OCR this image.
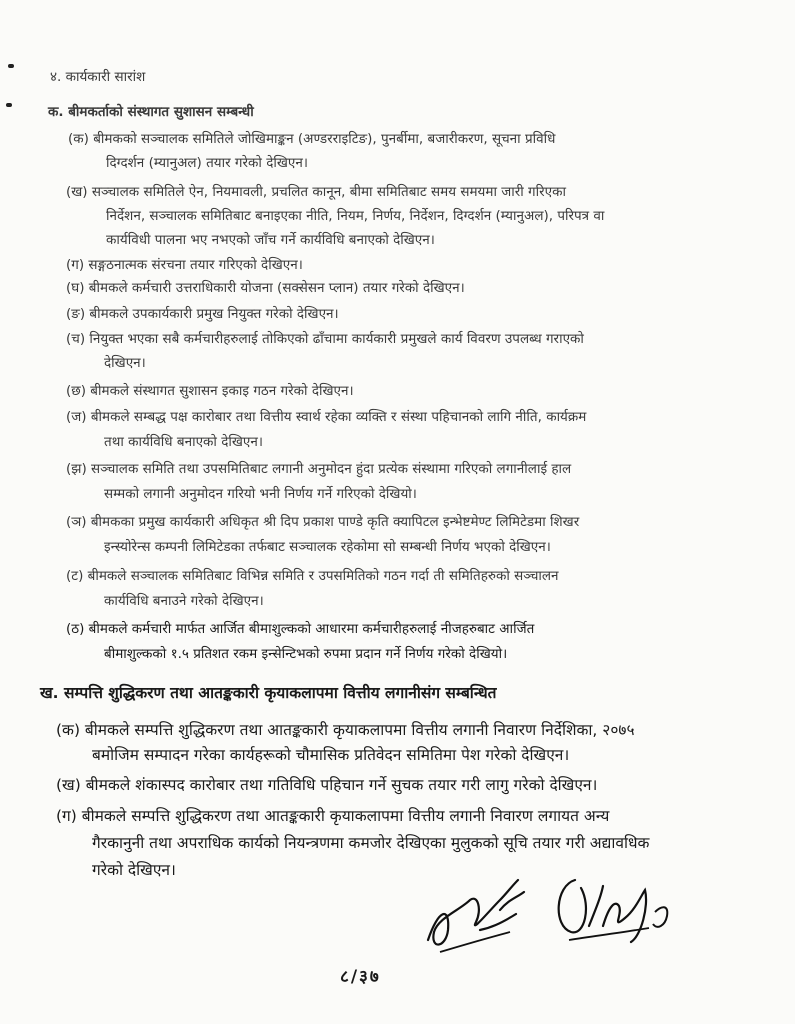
४. कार्यकारी सारांश
क. बीमकर्ताको संस्थागत सुशासन सम्बन्धी
(क) बीमकको सञ्चालक समितिले जोखिमाङ्कन (अण्डरराइटिङ), पुनर्बीमा, बजारीकरण, सूचना प्रविधि
दिग्दर्शन (म्यानुअल) तयार गरेको देखिएन।
(ख) सञ्चालक समितिले ऐन, नियमावली, प्रचलित कानून, बीमा समितिबाट समय समयमा जारी गरिएका
निर्देशन, सञ्चालक समितिबाट बनाइएका नीति, नियम, निर्णय, निर्देशन, दिग्दर्शन (म्यानुअल), परिपत्र वा
कार्यविधी पालना भए नभएको जाँच गर्ने कार्यविधि बनाएको देखिएन।
(ग) सङ्गठनात्मक संरचना तयार गरिएको देखिएन।
(घ) बीमकले कर्मचारी उत्तराधिकारी योजना (सक्सेसन प्लान) तयार गरेको देखिएन।
(ङ) बीमकले उपकार्यकारी प्रमुख नियुक्त गरेको देखिएन।
(च) नियुक्त भएका सबै कर्मचारीहरुलाई तोकिएको ढाँचामा कार्यकारी प्रमुखले कार्य विवरण उपलब्ध गराएको
देखिएन।
(छ) बीमकले संस्थागत सुशासन इकाइ गठन गरेको देखिएन।
(ज) बीमकले सम्बद्ध पक्ष कारोबार तथा वित्तीय स्वार्थ रहेका व्यक्ति र संस्था पहिचानको लागि नीति, कार्यक्रम
तथा कार्यविधि बनाएको देखिएन।
(झ) सञ्चालक समिति तथा उपसमितिबाट लगानी अनुमोदन हुंदा प्रत्येक संस्थामा गरिएको लगानीलाई हाल
सम्मको लगानी अनुमोदन गरियो भनी निर्णय गर्ने गरिएको देखियो।
(ञ) बीमकका प्रमुख कार्यकारी अधिकृत श्री दिप प्रकाश पाण्डे कृति क्यापिटल इन्भेष्टमेण्ट लिमिटेडमा शिखर
इन्स्योरेन्स कम्पनी लिमिटेडका तर्फबाट सञ्चालक रहेकोमा सो सम्बन्धी निर्णय भएको देखिएन।
(ट) बीमकले सञ्चालक समितिबाट विभिन्न समिति र उपसमितिको गठन गर्दा ती समितिहरुको सञ्चालन
कार्यविधि बनाउने गरेको देखिएन।
(ठ) बीमकले कर्मचारी मार्फत आर्जित बीमाशुल्कको आधारमा कर्मचारीहरुलाई नीजहरुबाट आर्जित
बीमाशुल्कको १.५ प्रतिशत रकम इन्सेन्टिभको रुपमा प्रदान गर्ने निर्णय गरेको देखियो।
ख. सम्पत्ति शुद्धिकरण तथा आतङ्ककारी कृयाकलापमा वित्तीय लगानीसंग सम्बन्धित
(क) बीमकले सम्पत्ति शुद्धिकरण तथा आतङ्ककारी कृयाकलापमा वित्तीय लगानी निवारण निर्देशिका, २०७५
बमोजिम सम्पादन गरेका कार्यहरूको चौमासिक प्रतिवेदन समितिमा पेश गरेको देखिएन।
(ख) बीमकले शंकास्पद कारोबार तथा गतिविधि पहिचान गर्ने सुचक तयार गरी लागु गरेको देखिएन।
(ग) बीमकले सम्पत्ति शुद्धिकरण तथा आतङ्ककारी कृयाकलापमा वित्तीय लगानी निवारण लगायत अन्य
गैरकानुनी तथा अपराधिक कार्यको नियन्त्रणमा कमजोर देखिएका मुलुकको सूचि तयार गरी अद्यावधिक
गरेको देखिएन।
८/३७
